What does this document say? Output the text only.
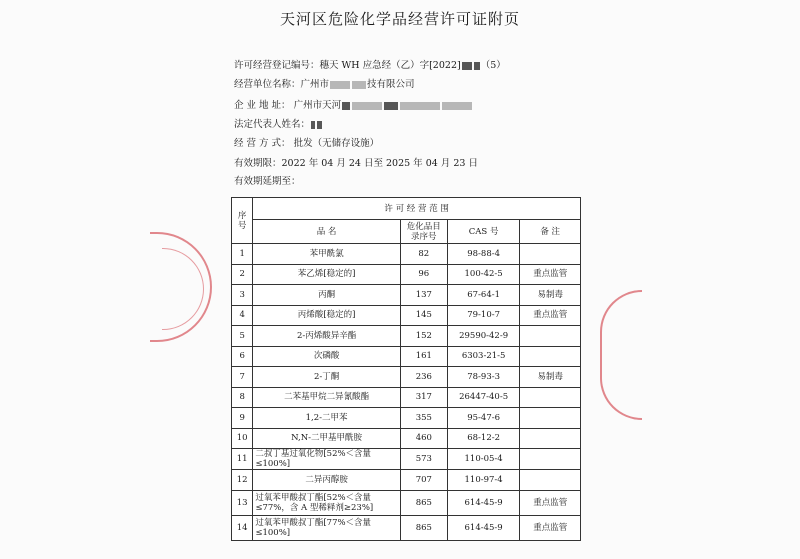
天河区危险化学品经营许可证附页
许可经营登记编号：穗天 WH 应急经（乙）字[2022] （5）
经营单位名称：广州市	技有限公司
企 业 地 址： 广州市天河
法定代表人姓名：
经 营 方 式： 批发（无储存设施）
有效期限：2022 年 04 月 24 日至 2025 年 04 月 23 日
有效期延期至：
序
号	许 可 经 营 范 围			
	品 名	危化品目录序号	CAS 号	备 注
1	苯甲酰氯	82	98-88-4	
2	苯乙烯[稳定的]	96	100-42-5	重点监管
3	丙酮	137	67-64-1	易制毒
4	丙烯酸[稳定的]	145	79-10-7	重点监管
5	2-丙烯酸异辛酯	152	29590-42-9	
6	次磷酸	161	6303-21-5	
7	2-丁酮	236	78-93-3	易制毒
8	二苯基甲烷二异氰酸酯	317	26447-40-5	
9	1,2-二甲苯	355	95-47-6	
10	N,N-二甲基甲酰胺	460	68-12-2	
11	二叔丁基过氧化物[52%＜含量≤100%]	573	110-05-4	
12	二异丙醇胺	707	110-97-4	
13	过氧苯甲酸叔丁酯[52%＜含量≤77%，含 A 型稀释剂≥23%]	865	614-45-9	重点监管
14	过氧苯甲酸叔丁酯[77%＜含量≤100%]	865	614-45-9	重点监管
